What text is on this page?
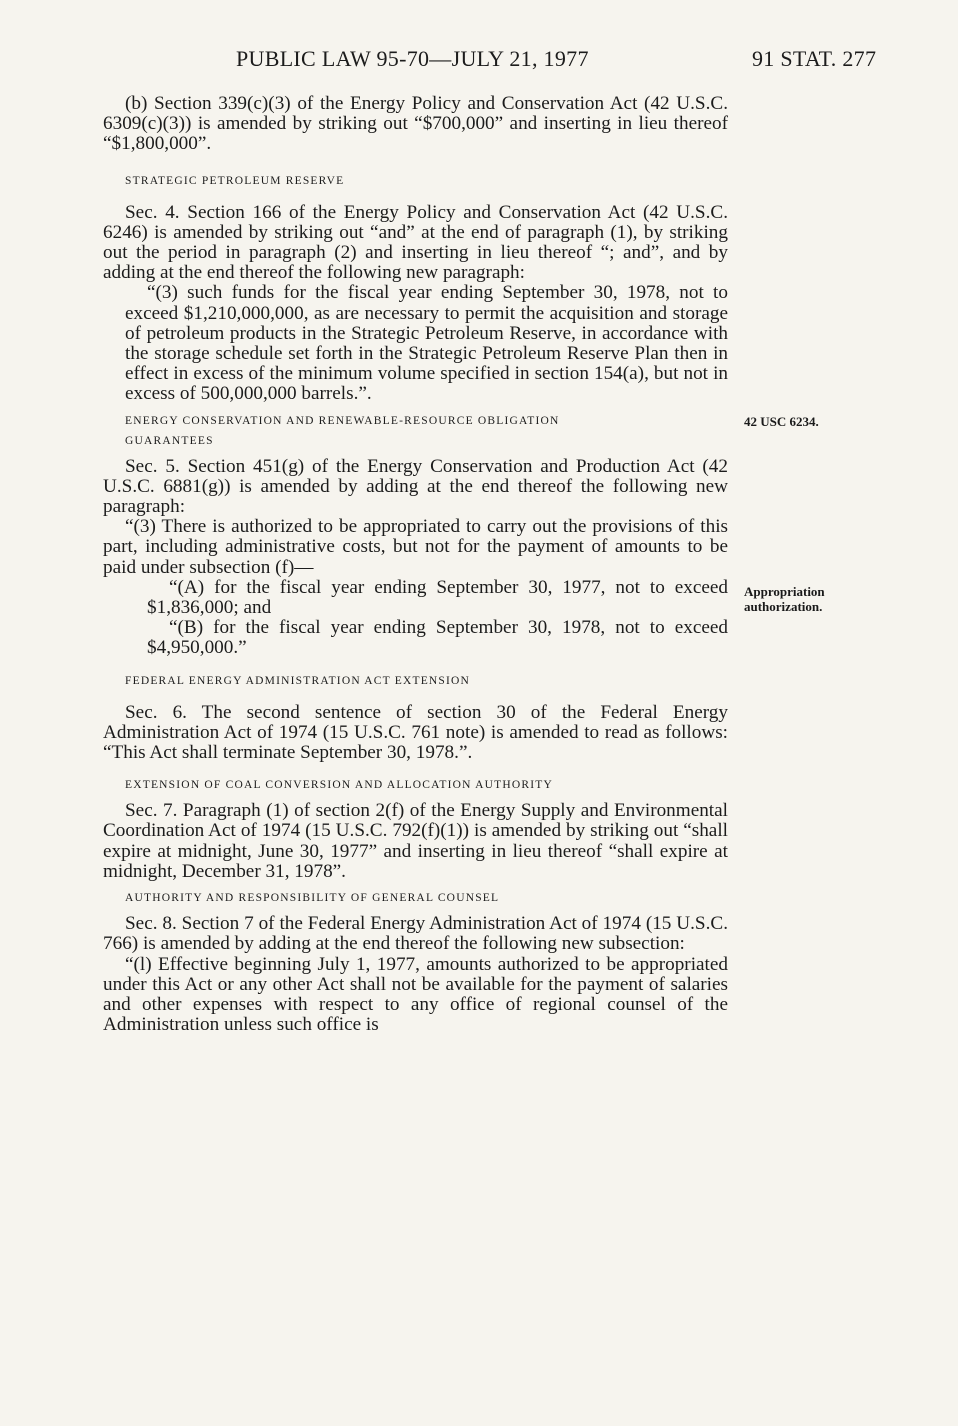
PUBLIC LAW 95-70—JULY 21, 1977	91 STAT. 277

(b) Section 339(c)(3) of the Energy Policy and Conservation Act (42 U.S.C. 6309(c)(3)) is amended by striking out “$700,000” and inserting in lieu thereof “$1,800,000”.

STRATEGIC PETROLEUM RESERVE

Sec. 4. Section 166 of the Energy Policy and Conservation Act (42 U.S.C. 6246) is amended by striking out “and” at the end of paragraph (1), by striking out the period in paragraph (2) and inserting in lieu thereof “; and”, and by adding at the end thereof the following new paragraph:

“(3) such funds for the fiscal year ending September 30, 1978, not to exceed $1,210,000,000, as are necessary to permit the acquisition and storage of petroleum products in the Strategic Petroleum Reserve, in accordance with the storage schedule set forth in the Strategic Petroleum Reserve Plan then in effect in excess of the minimum volume specified in section 154(a), but not in excess of 500,000,000 barrels.”.

ENERGY CONSERVATION AND RENEWABLE-RESOURCE OBLIGATION

GUARANTEES

Sec. 5. Section 451(g) of the Energy Conservation and Production Act (42 U.S.C. 6881(g)) is amended by adding at the end thereof the following new paragraph:

“(3) There is authorized to be appropriated to carry out the provisions of this part, including administrative costs, but not for the payment of amounts to be paid under subsection (f)—

“(A) for the fiscal year ending September 30, 1977, not to exceed $1,836,000; and

“(B) for the fiscal year ending September 30, 1978, not to exceed $4,950,000.”

FEDERAL ENERGY ADMINISTRATION ACT EXTENSION

Sec. 6. The second sentence of section 30 of the Federal Energy Administration Act of 1974 (15 U.S.C. 761 note) is amended to read as follows: “This Act shall terminate September 30, 1978.”.

EXTENSION OF COAL CONVERSION AND ALLOCATION AUTHORITY

Sec. 7. Paragraph (1) of section 2(f) of the Energy Supply and Environmental Coordination Act of 1974 (15 U.S.C. 792(f)(1)) is amended by striking out “shall expire at midnight, June 30, 1977” and inserting in lieu thereof “shall expire at midnight, December 31, 1978”.

AUTHORITY AND RESPONSIBILITY OF GENERAL COUNSEL

Sec. 8. Section 7 of the Federal Energy Administration Act of 1974 (15 U.S.C. 766) is amended by adding at the end thereof the following new subsection:

“(l) Effective beginning July 1, 1977, amounts authorized to be appropriated under this Act or any other Act shall not be available for the payment of salaries and other expenses with respect to any office of regional counsel of the Administration unless such office is

42 USC 6234.
Appropriation
authorization.
